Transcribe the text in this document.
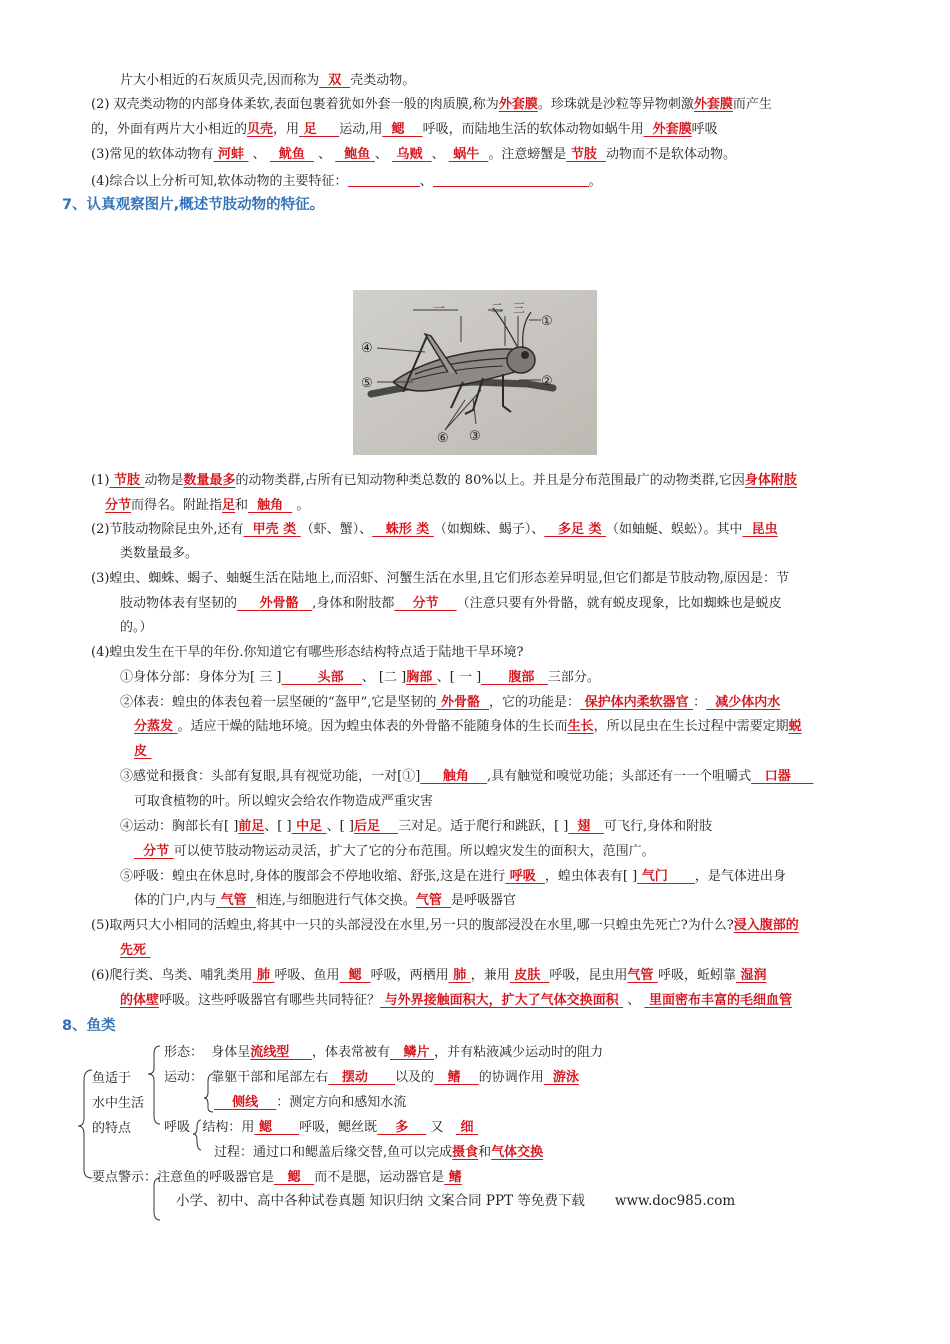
片大小相近的石灰质贝壳,因而称为 双 壳类动物。
(2) 双壳类动物的内部身体柔软,表面包裹着犹如外套一般的肉质膜,称为外套膜。珍珠就是沙粒等异物刺激外套膜而产生
的，外面有两片大小相近的贝壳，用 足 运动,用 鳃 呼吸，而陆地生活的软体动物如蜗牛用 外套膜呼吸
(3)常见的软体动物有 河蚌 、 鱿鱼 、 鲍鱼 、 乌贼 、 蜗牛 。注意螃蟹是 节肢 动物而不是软体动物。
(4)综合以上分析可知,软体动物的主要特征：	、	。
7、认真观察图片,概述节肢动物的特征。
一	二 三
①
②
③
④
⑤
⑥
(1) 节肢 动物是数量最多的动物类群,占所有已知动物种类总数的 80%以上。并且是分布范围最广的动物类群,它因身体附肢
分节而得名。附趾指足和 触角 。
(2)节肢动物除昆虫外,还有 甲壳 类 （虾、蟹）、 蛛形 类 （如蜘蛛、蝎子）、 多足 类 （如蚰蜒、蜈蚣）。其中 昆虫
类数量最多。
(3)蝗虫、蜘蛛、蝎子、蚰蜒生活在陆地上,而沼虾、河蟹生活在水里,且它们形态差异明显,但它们都是节肢动物,原因是：节
肢动物体表有坚韧的 外骨骼 ,身体和附肢都 分节 （注意只要有外骨骼，就有蜕皮现象，比如蜘蛛也是蜕皮
的。）
(4)蝗虫发生在干旱的年份.你知道它有哪些形态结构特点适于陆地干旱环境?
①身体分部：身体分为[ 三 ]	头部 、 [二 ]胸部 、[ 一 ] 腹部 三部分。
②体表：蝗虫的体表包着一层坚硬的“盔甲”,它是坚韧的 外骨骼 ，它的功能是： 保护体内柔软器官 ： 减少体内水
分蒸发 。适应干燥的陆地环境。因为蝗虫体表的外骨骼不能随身体的生长而生长，所以昆虫在生长过程中需要定期蜕
皮
③感觉和摄食：头部有复眼,具有视觉功能，一对[①] 触角 ,具有触觉和嗅觉功能；头部还有一一个咀嚼式 口器
可取食植物的叶。所以蝗灾会给农作物造成严重灾害
④运动：胸部长有[ ]前足、[ ] 中足 、[ ]后足 三对足。适于爬行和跳跃，[ ] 翅 可飞行,身体和附肢
分节 可以使节肢动物运动灵活，扩大了它的分布范围。所以蝗灾发生的面积大，范围广。
⑤呼吸：蝗虫在休息时,身体的腹部会不停地收缩、舒张,这是在进行 呼吸 ，蝗虫体表有[ ] 气门 ，是气体进出身
体的门户,内与 气管 相连,与细胞进行气体交换。气管 是呼吸器官
(5)取两只大小相同的活蝗虫,将其中一只的头部浸没在水里,另一只的腹部浸没在水里,哪一只蝗虫先死亡?为什么?浸入腹部的
先死
(6)爬行类、鸟类、哺乳类用 肺 呼吸、鱼用 鳃 呼吸，两栖用 肺 ，兼用 皮肤 呼吸，昆虫用气管 呼吸，蚯蚓靠 湿润
的体壁呼吸。这些呼吸器官有哪些共同特征？ 与外界接触面积大，扩大了气体交换面积 、 里面密布丰富的毛细血管
8、鱼类
鱼适于
水中生活
的特点
形态： 身体呈流线型 ，体表常被有 鳞片 ，并有粘液减少运动时的阻力
运动： 靠躯干部和尾部左右 摆动 以及的 鳍 的协调作用 游泳
侧线 ：测定方向和感知水流
呼吸 结构：用 鳃 呼吸，鳃丝既 多 又 细
过程：通过口和鳃盖后缘交替,鱼可以完成摄食和气体交换
要点警示：注意鱼的呼吸器官是 鳃 而不是腮，运动器官是 鳍
小学、初中、高中各种试卷真题 知识归纳 文案合同 PPT 等免费下载 www.doc985.com
